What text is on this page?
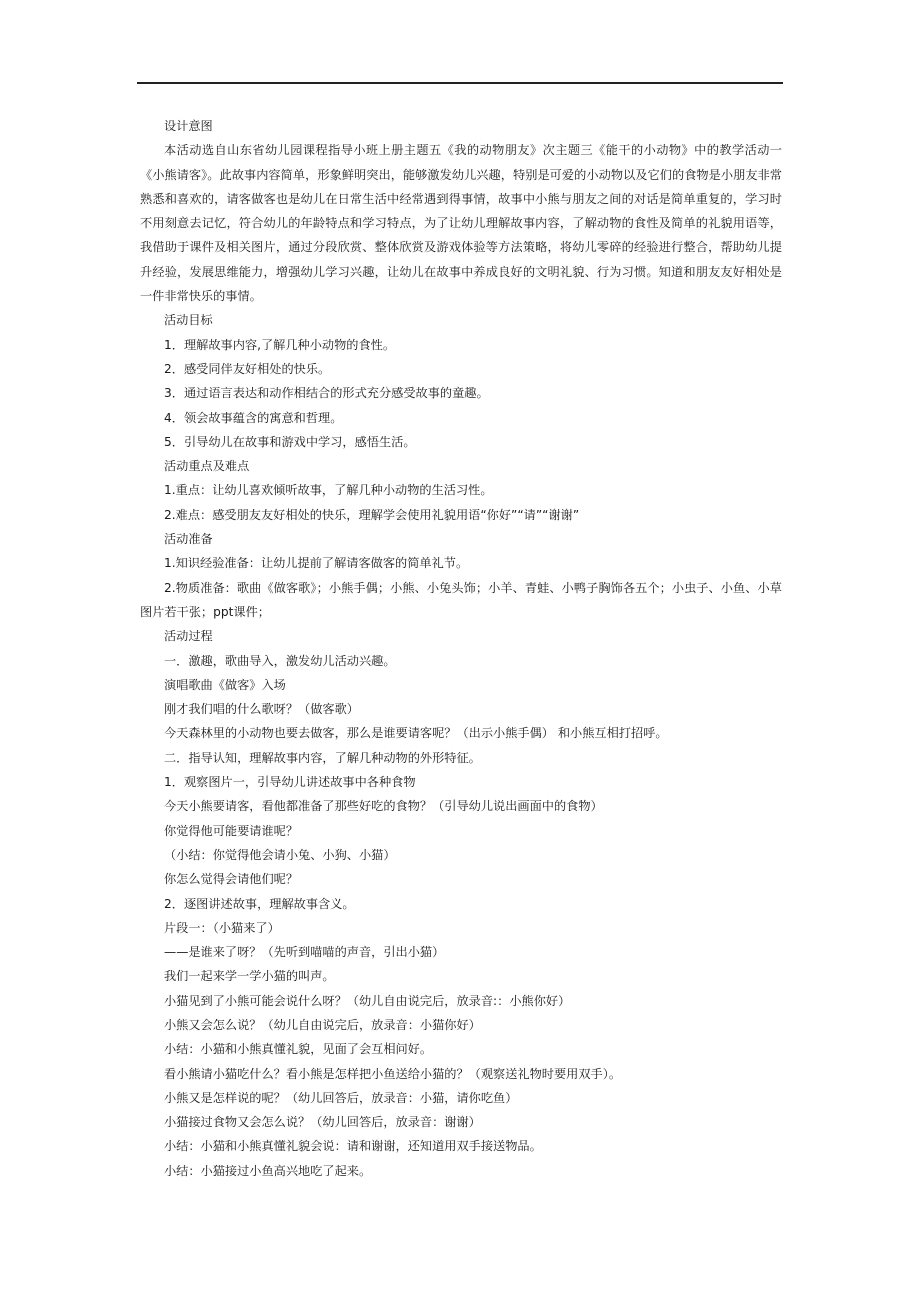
设计意图
本活动选自山东省幼儿园课程指导小班上册主题五《我的动物朋友》次主题三《能干的小动物》中的教学活动一《小熊请客》。此故事内容简单，形象鲜明突出，能够激发幼儿兴趣，特别是可爱的小动物以及它们的食物是小朋友非常熟悉和喜欢的，请客做客也是幼儿在日常生活中经常遇到得事情，故事中小熊与朋友之间的对话是简单重复的，学习时不用刻意去记忆，符合幼儿的年龄特点和学习特点，为了让幼儿理解故事内容，了解动物的食性及简单的礼貌用语等，我借助于课件及相关图片，通过分段欣赏、整体欣赏及游戏体验等方法策略，将幼儿零碎的经验进行整合，帮助幼儿提升经验，发展思维能力，增强幼儿学习兴趣，让幼儿在故事中养成良好的文明礼貌、行为习惯。知道和朋友友好相处是一件非常快乐的事情。
活动目标
1．理解故事内容,了解几种小动物的食性。
2．感受同伴友好相处的快乐。
3．通过语言表达和动作相结合的形式充分感受故事的童趣。
4．领会故事蕴含的寓意和哲理。
5．引导幼儿在故事和游戏中学习，感悟生活。
活动重点及难点
1.重点：让幼儿喜欢倾听故事，了解几种小动物的生活习性。
2.难点：感受朋友友好相处的快乐，理解学会使用礼貌用语“你好”“请”“谢谢”
活动准备
1.知识经验准备：让幼儿提前了解请客做客的简单礼节。
2.物质准备：歌曲《做客歌》；小熊手偶；小熊、小兔头饰；小羊、青蛙、小鸭子胸饰各五个；小虫子、小鱼、小草图片若干张；ppt课件；
活动过程
一．激趣，歌曲导入，激发幼儿活动兴趣。
演唱歌曲《做客》入场
刚才我们唱的什么歌呀？（做客歌）
今天森林里的小动物也要去做客，那么是谁要请客呢？（出示小熊手偶） 和小熊互相打招呼。
二．指导认知，理解故事内容，了解几种动物的外形特征。
1．观察图片一，引导幼儿讲述故事中各种食物
今天小熊要请客，看他都准备了那些好吃的食物？（引导幼儿说出画面中的食物）
你觉得他可能要请谁呢？
（小结：你觉得他会请小兔、小狗、小猫）
你怎么觉得会请他们呢？
2．逐图讲述故事，理解故事含义。
片段一：（小猫来了）
——是谁来了呀？（先听到喵喵的声音，引出小猫）
我们一起来学一学小猫的叫声。
小猫见到了小熊可能会说什么呀？（幼儿自由说完后，放录音:：小熊你好）
小熊又会怎么说？（幼儿自由说完后，放录音：小猫你好）
小结：小猫和小熊真懂礼貌，见面了会互相问好。
看小熊请小猫吃什么？看小熊是怎样把小鱼送给小猫的？（观察送礼物时要用双手）。
小熊又是怎样说的呢？（幼儿回答后，放录音：小猫，请你吃鱼）
小猫接过食物又会怎么说？（幼儿回答后，放录音：谢谢）
小结：小猫和小熊真懂礼貌会说：请和谢谢，还知道用双手接送物品。
小结：小猫接过小鱼高兴地吃了起来。
